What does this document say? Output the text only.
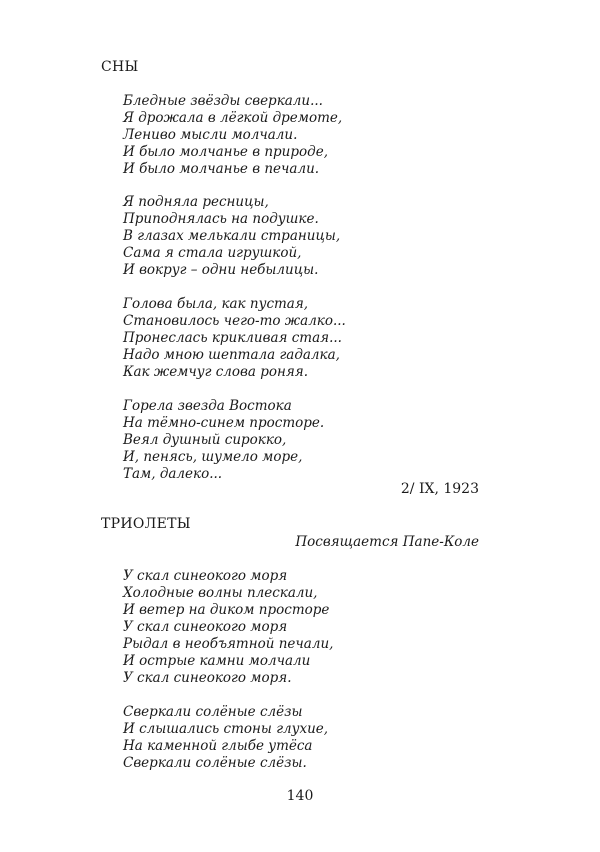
СНЫ
Бледные звёзды сверкали...
Я дрожала в лёгкой дремоте,
Лениво мысли молчали.
И было молчанье в природе,
И было молчанье в печали.
Я подняла ресницы,
Приподнялась на подушке.
В глазах мелькали страницы,
Сама я стала игрушкой,
И вокруг – одни небылицы.
Голова была, как пустая,
Становилось чего-то жалко...
Пронеслась крикливая стая...
Надо мною шептала гадалка,
Как жемчуг слова роняя.
Горела звезда Востока
На тёмно-синем просторе.
Веял душный сирокко,
И, пенясь, шумело море,
Там, далеко...
2/ IX, 1923
ТРИОЛЕТЫ
Посвящается Папе-Коле
У скал синеокого моря
Холодные волны плескали,
И ветер на диком просторе
У скал синеокого моря
Рыдал в необъятной печали,
И острые камни молчали
У скал синеокого моря.
Сверкали солёные слёзы
И слышались стоны глухие,
На каменной глыбе утёса
Сверкали солёные слёзы.
140
